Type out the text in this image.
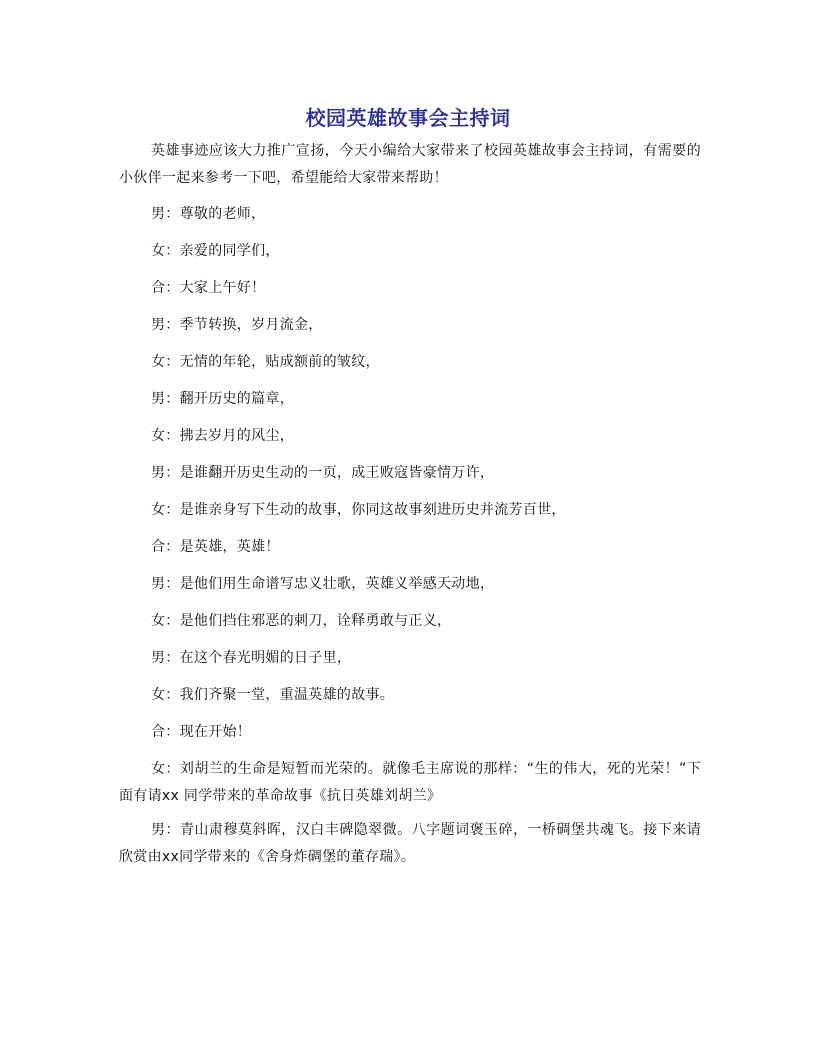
校园英雄故事会主持词

英雄事迹应该大力推广宣扬，今天小编给大家带来了校园英雄故事会主持词，有需要的小伙伴一起来参考一下吧，希望能给大家带来帮助！

男：尊敬的老师，

女：亲爱的同学们，

合：大家上午好！

男：季节转换，岁月流金，

女：无情的年轮，贴成额前的皱纹，

男：翻开历史的篇章，

女：拂去岁月的风尘，

男：是谁翻开历史生动的一页，成王败寇皆豪情万许，

女：是谁亲身写下生动的故事，你同这故事刻进历史并流芳百世，

合：是英雄，英雄！

男：是他们用生命谱写忠义壮歌，英雄义举感天动地，

女：是他们挡住邪恶的刺刀，诠释勇敢与正义，

男：在这个春光明媚的日子里，

女：我们齐聚一堂，重温英雄的故事。

合：现在开始！

女：刘胡兰的生命是短暂而光荣的。就像毛主席说的那样：“生的伟大，死的光荣！”下面有请xx 同学带来的革命故事《抗日英雄刘胡兰》

男：青山肃穆莫斜晖，汉白丰碑隐翠微。八字题词褒玉碎，一桥碉堡共魂飞。接下来请欣赏由xx同学带来的《舍身炸碉堡的董存瑞》。
